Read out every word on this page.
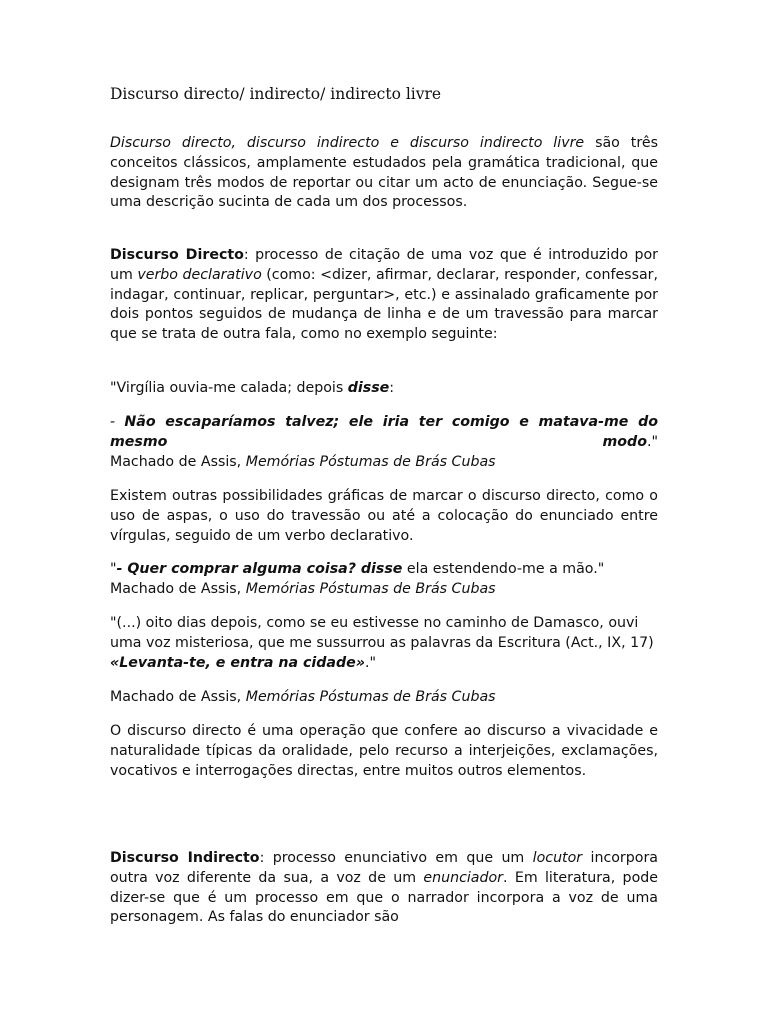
Discurso directo/ indirecto/ indirecto livre

Discurso directo, discurso indirecto e discurso indirecto livre são três conceitos clássicos, amplamente estudados pela gramática tradicional, que designam três modos de reportar ou citar um acto de enunciação. Segue-se uma descrição sucinta de cada um dos processos.

Discurso Directo: processo de citação de uma voz que é introduzido por um verbo declarativo (como: <dizer, afirmar, declarar, responder, confessar, indagar, continuar, replicar, perguntar>, etc.) e assinalado graficamente por dois pontos seguidos de mudança de linha e de um travessão para marcar que se trata de outra fala, como no exemplo seguinte:

"Virgília ouvia-me calada; depois disse:

- Não escaparíamos talvez; ele iria ter comigo e matava-me do mesmo modo."
Machado de Assis, Memórias Póstumas de Brás Cubas

Existem outras possibilidades gráficas de marcar o discurso directo, como o uso de aspas, o uso do travessão ou até a colocação do enunciado entre vírgulas, seguido de um verbo declarativo.

"- Quer comprar alguma coisa? disse ela estendendo-me a mão."
Machado de Assis, Memórias Póstumas de Brás Cubas

"(...) oito dias depois, como se eu estivesse no caminho de Damasco, ouvi uma voz misteriosa, que me sussurrou as palavras da Escritura (Act., IX, 17) «Levanta-te, e entra na cidade»."

Machado de Assis, Memórias Póstumas de Brás Cubas

O discurso directo é uma operação que confere ao discurso a vivacidade e naturalidade típicas da oralidade, pelo recurso a interjeições, exclamações, vocativos e interrogações directas, entre muitos outros elementos.

Discurso Indirecto: processo enunciativo em que um locutor incorpora outra voz diferente da sua, a voz de um enunciador. Em literatura, pode dizer-se que é um processo em que o narrador incorpora a voz de uma personagem. As falas do enunciador são
